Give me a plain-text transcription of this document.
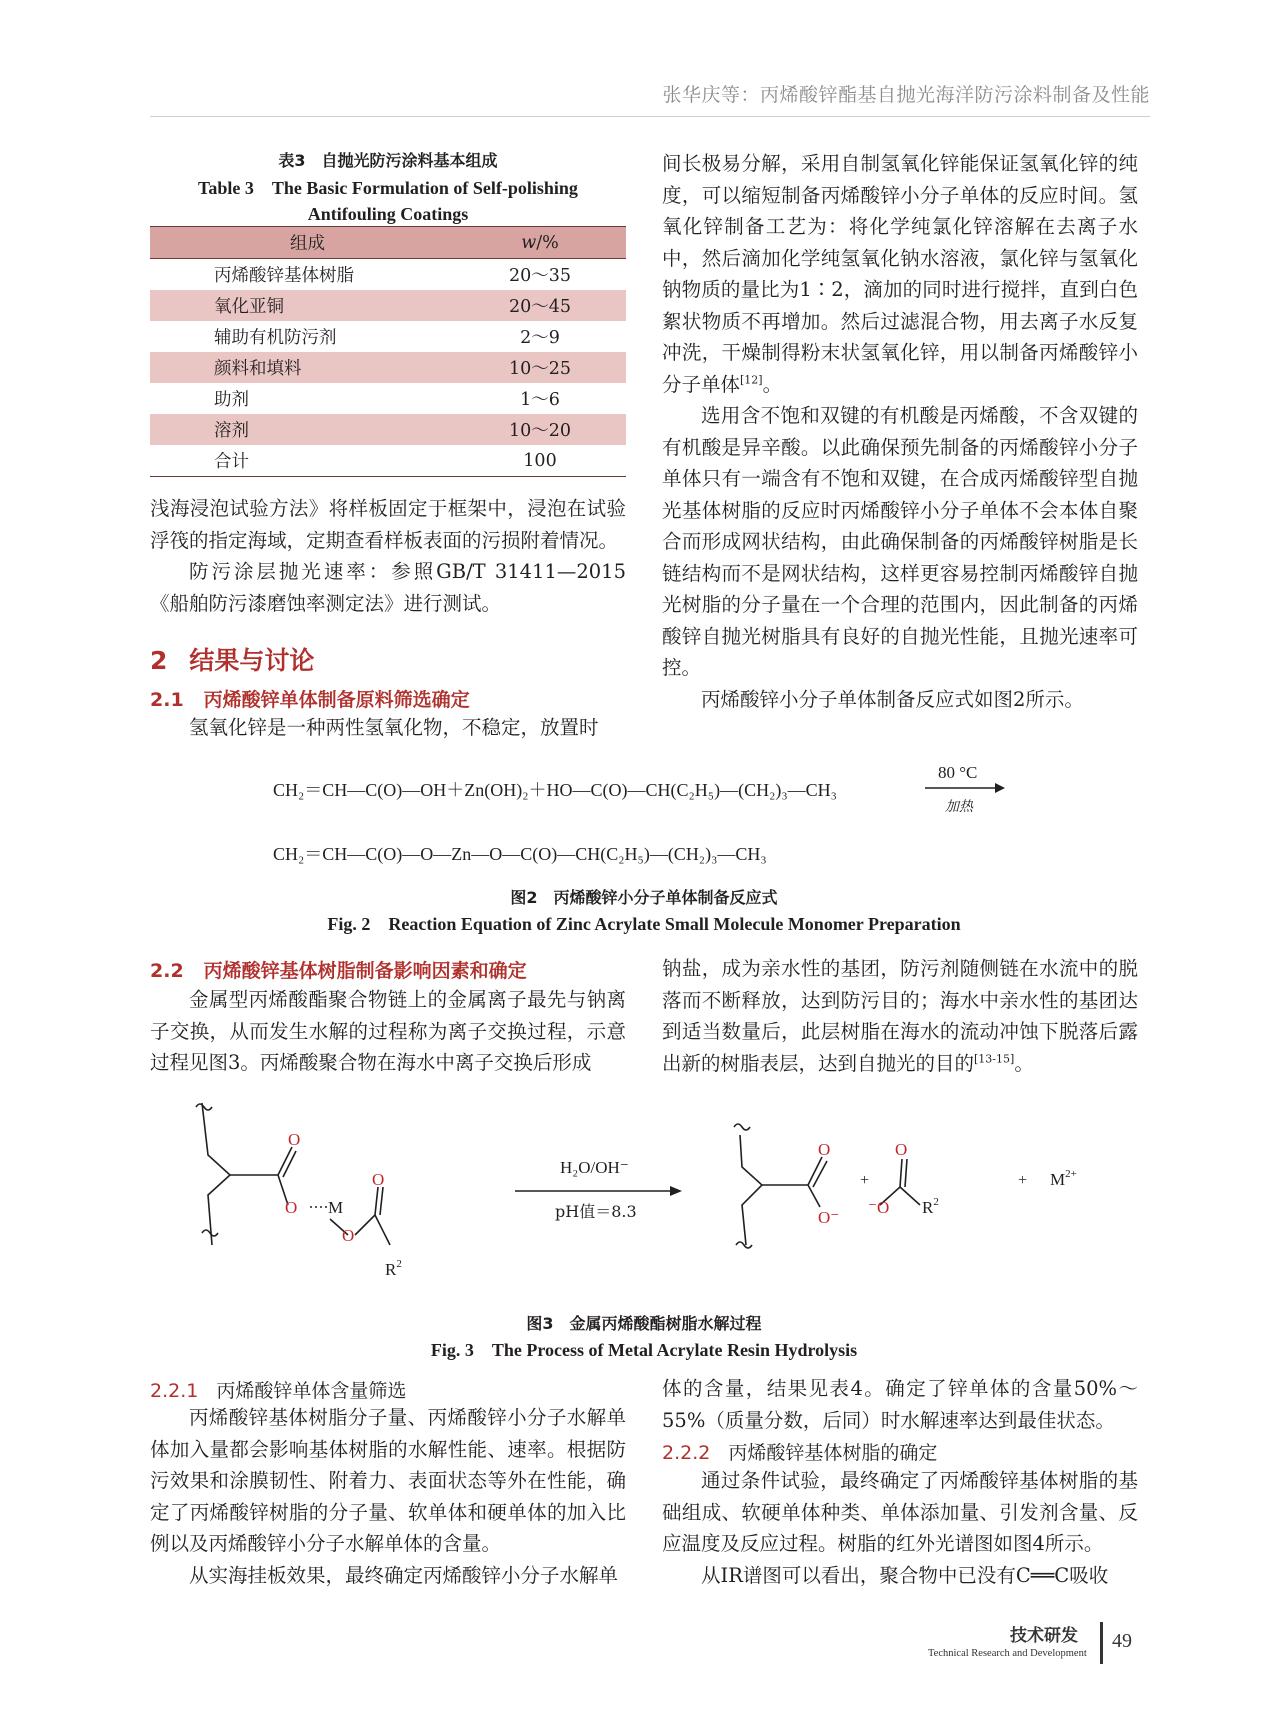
张华庆等：丙烯酸锌酯基自抛光海洋防污涂料制备及性能
表3　自抛光防污涂料基本组成
Table 3　The Basic Formulation of Self-polishing
Antifouling Coatings
组成	w/%
丙烯酸锌基体树脂	20～35
氧化亚铜	20～45
辅助有机防污剂	2～9
颜料和填料	10～25
助剂	1～6
溶剂	10～20
合计	100

浅海浸泡试验方法》将样板固定于框架中，浸泡在试验浮筏的指定海域，定期查看样板表面的污损附着情况。

防污涂层抛光速率：参照GB/T 31411—2015《船舶防污漆磨蚀率测定法》进行测试。

2 结果与讨论
2.1 丙烯酸锌单体制备原料筛选确定

氢氧化锌是一种两性氢氧化物，不稳定，放置时

间长极易分解，采用自制氢氧化锌能保证氢氧化锌的纯度，可以缩短制备丙烯酸锌小分子单体的反应时间。氢氧化锌制备工艺为：将化学纯氯化锌溶解在去离子水中，然后滴加化学纯氢氧化钠水溶液，氯化锌与氢氧化钠物质的量比为1∶2，滴加的同时进行搅拌，直到白色絮状物质不再增加。然后过滤混合物，用去离子水反复冲洗，干燥制得粉末状氢氧化锌，用以制备丙烯酸锌小分子单体[12]。

选用含不饱和双键的有机酸是丙烯酸，不含双键的有机酸是异辛酸。以此确保预先制备的丙烯酸锌小分子单体只有一端含有不饱和双键，在合成丙烯酸锌型自抛光基体树脂的反应时丙烯酸锌小分子单体不会本体自聚合而形成网状结构，由此确保制备的丙烯酸锌树脂是长链结构而不是网状结构，这样更容易控制丙烯酸锌自抛光树脂的分子量在一个合理的范围内，因此制备的丙烯酸锌自抛光树脂具有良好的自抛光性能，且抛光速率可控。

丙烯酸锌小分子单体制备反应式如图2所示。

CH₂＝CH—C(O)—OH＋Zn(OH)₂＋HO—C(O)—CH(C₂H₅)—(CH₂)₃—CH₃
80 °C
加热
CH₂＝CH—C(O)—O—Zn—O—C(O)—CH(C₂H₅)—(CH₂)₃—CH₃
图2　丙烯酸锌小分子单体制备反应式
Fig. 2　Reaction Equation of Zinc Acrylate Small Molecule Monomer Preparation
2.2 丙烯酸锌基体树脂制备影响因素和确定

金属型丙烯酸酯聚合物链上的金属离子最先与钠离子交换，从而发生水解的过程称为离子交换过程，示意过程见图3。丙烯酸聚合物在海水中离子交换后形成

钠盐，成为亲水性的基团，防污剂随侧链在水流中的脱落而不断释放，达到防污目的；海水中亲水性的基团达到适当数量后，此层树脂在海水的流动冲蚀下脱落后露出新的树脂表层，达到自抛光的目的[13-15]。

O
O M
O
O
$R^2$
H₂O/OH⁻
pH值＝8.3
O
O⁻
+
O
⁻O $R^2$
+ $M^{2+}$
图3　金属丙烯酸酯树脂水解过程
Fig. 3　The Process of Metal Acrylate Resin Hydrolysis
2.2.1 丙烯酸锌单体含量筛选

丙烯酸锌基体树脂分子量、丙烯酸锌小分子水解单体加入量都会影响基体树脂的水解性能、速率。根据防污效果和涂膜韧性、附着力、表面状态等外在性能，确定了丙烯酸锌树脂的分子量、软单体和硬单体的加入比例以及丙烯酸锌小分子水解单体的含量。

从实海挂板效果，最终确定丙烯酸锌小分子水解单

体的含量，结果见表4。确定了锌单体的含量50%～55%（质量分数，后同）时水解速率达到最佳状态。

2.2.2 丙烯酸锌基体树脂的确定

通过条件试验，最终确定了丙烯酸锌基体树脂的基础组成、软硬单体种类、单体添加量、引发剂含量、反应温度及反应过程。树脂的红外光谱图如图4所示。

从IR谱图可以看出，聚合物中已没有C══C吸收

技术研发
Technical Research and Development
49
